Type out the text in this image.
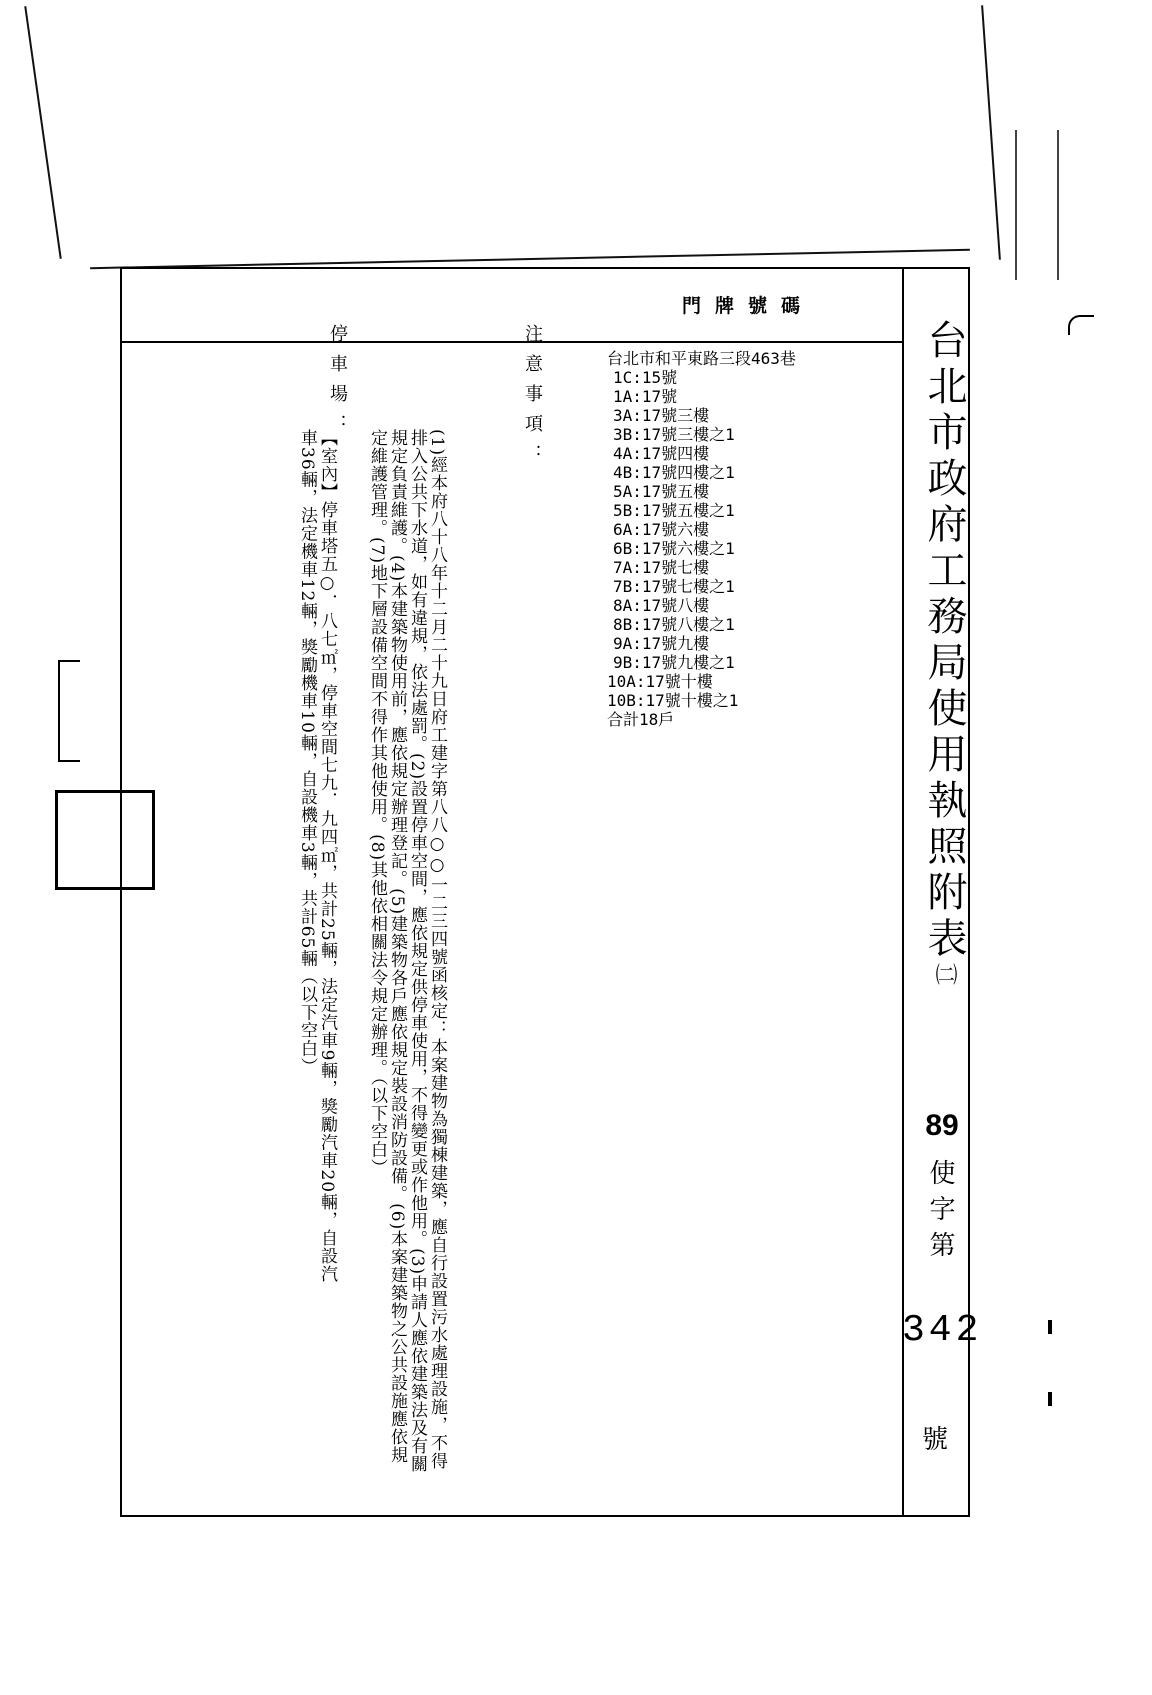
門牌號碼
台北市政府工務局使用執照附表㈡
89
使字第
342
號
台北市和平東路三段463巷
1C:15號
1A:17號
3A:17號三樓
3B:17號三樓之1
4A:17號四樓
4B:17號四樓之1
5A:17號五樓
5B:17號五樓之1
6A:17號六樓
6B:17號六樓之1
7A:17號七樓
7B:17號七樓之1
8A:17號八樓
8B:17號八樓之1
9A:17號九樓
9B:17號九樓之1
10A:17號十樓
10B:17號十樓之1
合計18戶
注意事項：
(1)經本府八十八年十二月二十九日府工建字第八八○○一二三四號函核定：本案建物為獨棟建築，應自行設置污水處理設施，不得排入公共下水道，如有違規，依法處罰。(2)設置停車空間，應依規定供停車使用，不得變更或作他用。(3)申請人應依建築法及有關規定負責維護。(4)本建築物使用前，應依規定辦理登記。(5)建築物各戶應依規定裝設消防設備。(6)本案建築物之公共設施應依規定維護管理。(7)地下層設備空間不得作其他使用。(8)其他依相關法令規定辦理。（以下空白）
停車場：
【室內】停車塔五○．八七㎡，停車空間七九．九四㎡，共計25輛，法定汽車9輛，獎勵汽車20輛，自設汽車36輛，法定機車12輛，獎勵機車10輛，自設機車3輛，共計65輛（以下空白）
